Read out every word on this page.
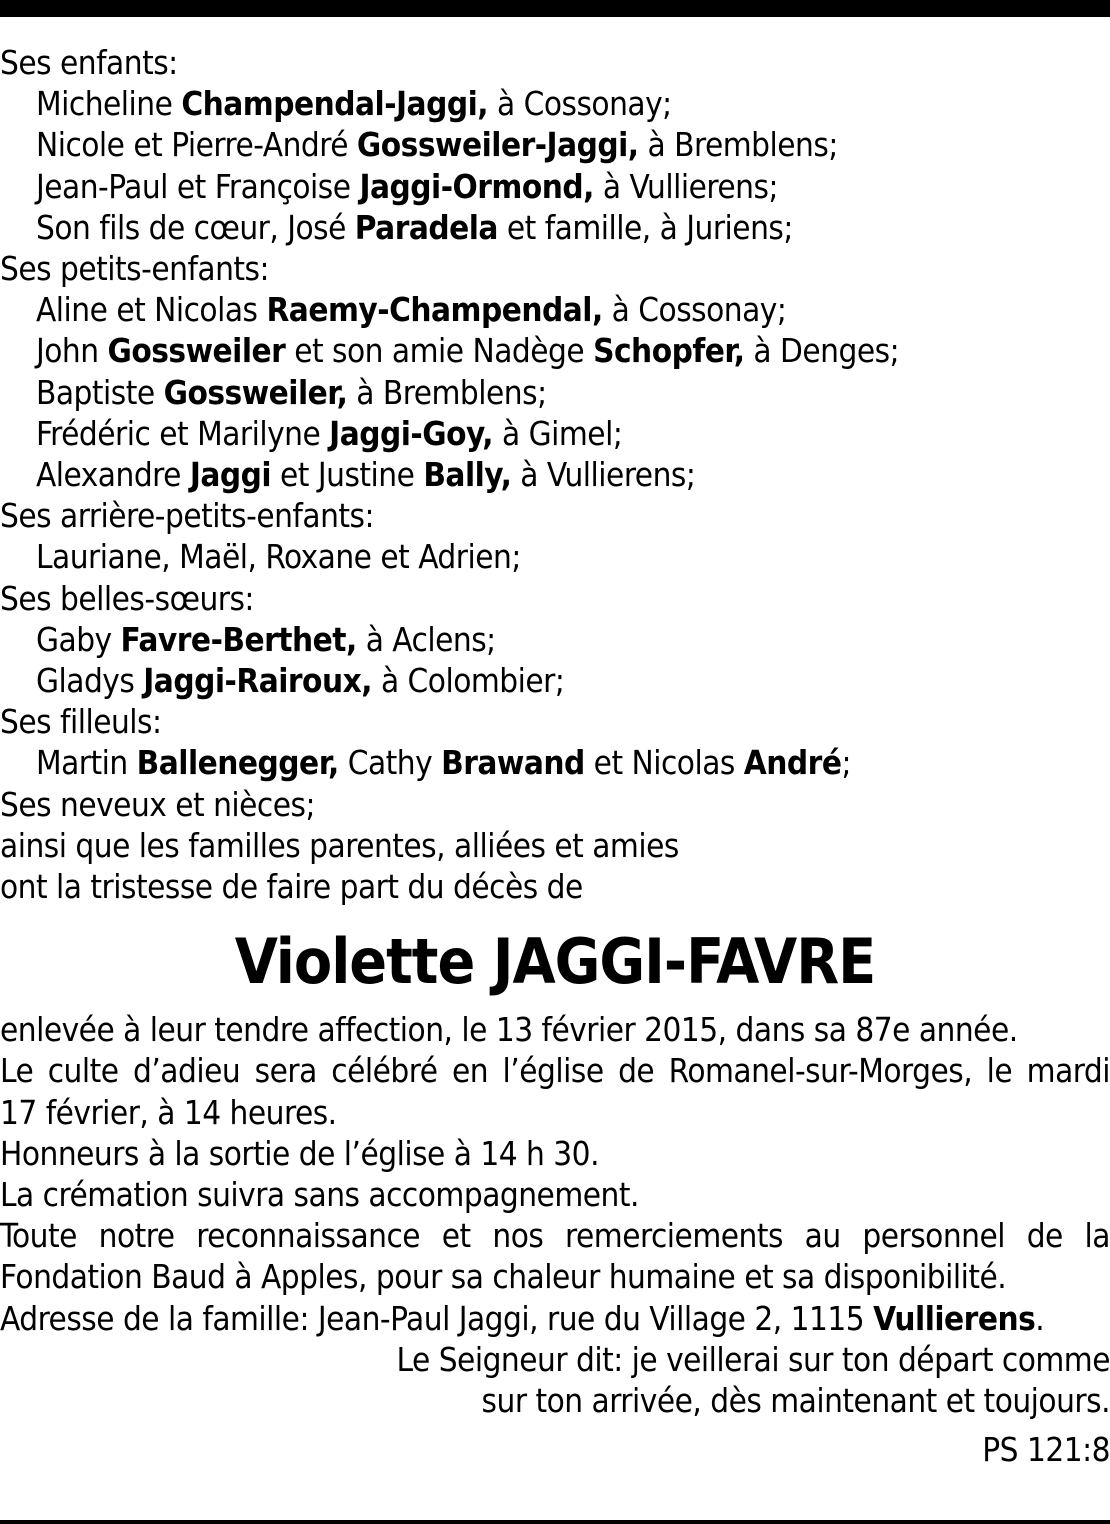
Ses enfants:
Micheline Champendal-Jaggi, à Cossonay;
Nicole et Pierre-André Gossweiler-Jaggi, à Bremblens;
Jean-Paul et Françoise Jaggi-Ormond, à Vullierens;
Son fils de cœur, José Paradela et famille, à Juriens;
Ses petits-enfants:
Aline et Nicolas Raemy-Champendal, à Cossonay;
John Gossweiler et son amie Nadège Schopfer, à Denges;
Baptiste Gossweiler, à Bremblens;
Frédéric et Marilyne Jaggi-Goy, à Gimel;
Alexandre Jaggi et Justine Bally, à Vullierens;
Ses arrière-petits-enfants:
Lauriane, Maël, Roxane et Adrien;
Ses belles-sœurs:
Gaby Favre-Berthet, à Aclens;
Gladys Jaggi-Rairoux, à Colombier;
Ses filleuls:
Martin Ballenegger, Cathy Brawand et Nicolas André;
Ses neveux et nièces;
ainsi que les familles parentes, alliées et amies
ont la tristesse de faire part du décès de
Violette JAGGI-FAVRE
enlevée à leur tendre affection, le 13 février 2015, dans sa 87e année.
Le culte d’adieu sera célébré en l’église de Romanel-sur-Morges, le mardi
17 février, à 14 heures.
Honneurs à la sortie de l’église à 14 h 30.
La crémation suivra sans accompagnement.
Toute notre reconnaissance et nos remerciements au personnel de la
Fondation Baud à Apples, pour sa chaleur humaine et sa disponibilité.
Adresse de la famille: Jean-Paul Jaggi, rue du Village 2, 1115 Vullierens.
Le Seigneur dit: je veillerai sur ton départ comme
sur ton arrivée, dès maintenant et toujours.
PS 121:8
